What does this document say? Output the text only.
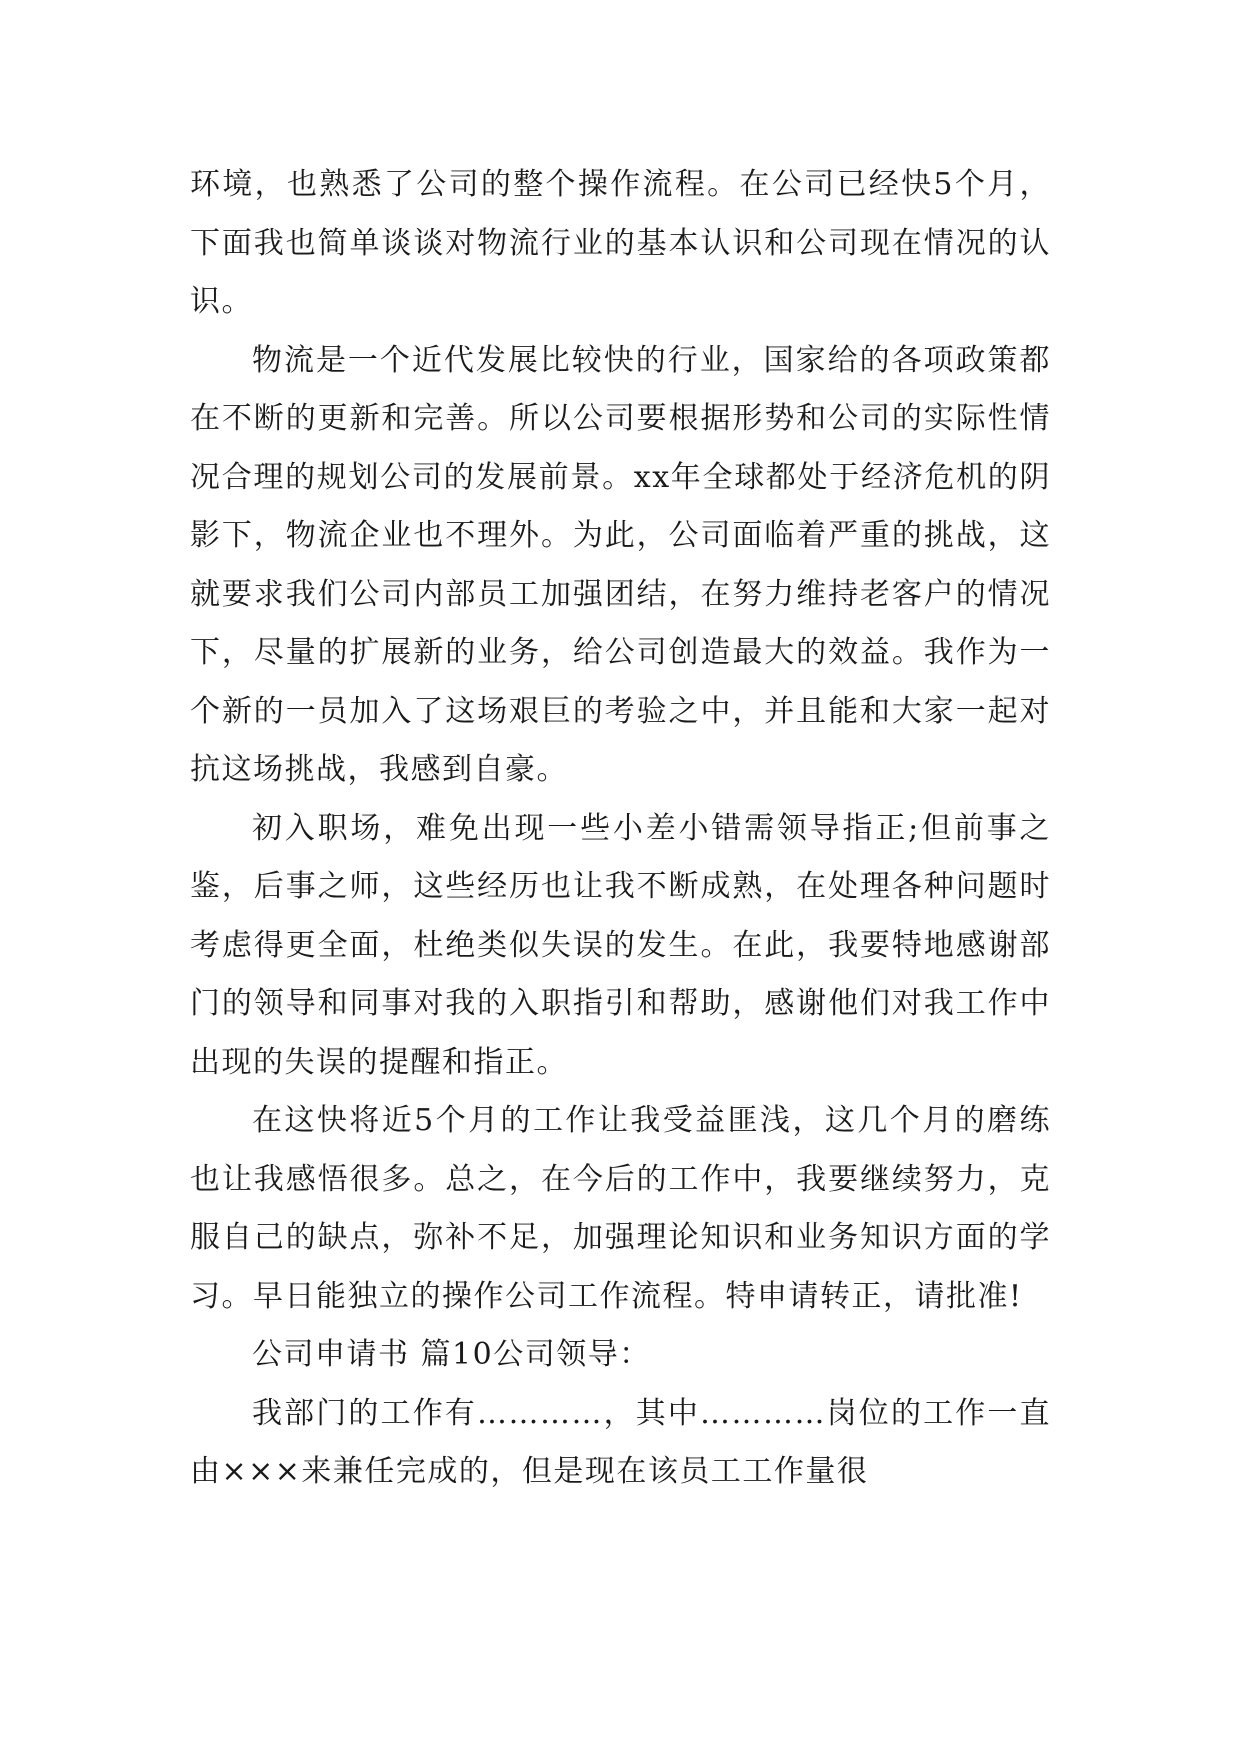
环境，也熟悉了公司的整个操作流程。在公司已经快5个月，下面我也简单谈谈对物流行业的基本认识和公司现在情况的认识。

物流是一个近代发展比较快的行业，国家给的各项政策都在不断的更新和完善。所以公司要根据形势和公司的实际性情况合理的规划公司的发展前景。xx年全球都处于经济危机的阴影下，物流企业也不理外。为此，公司面临着严重的挑战，这就要求我们公司内部员工加强团结，在努力维持老客户的情况下，尽量的扩展新的业务，给公司创造最大的效益。我作为一个新的一员加入了这场艰巨的考验之中，并且能和大家一起对抗这场挑战，我感到自豪。

初入职场，难免出现一些小差小错需领导指正;但前事之鉴，后事之师，这些经历也让我不断成熟，在处理各种问题时考虑得更全面，杜绝类似失误的发生。在此，我要特地感谢部门的领导和同事对我的入职指引和帮助，感谢他们对我工作中出现的失误的提醒和指正。

在这快将近5个月的工作让我受益匪浅，这几个月的磨练也让我感悟很多。总之，在今后的工作中，我要继续努力，克服自己的缺点，弥补不足，加强理论知识和业务知识方面的学习。早日能独立的操作公司工作流程。特申请转正，请批准!

公司申请书 篇10公司领导：

我部门的工作有…………，其中…………岗位的工作一直由×××来兼任完成的，但是现在该员工工作量很
